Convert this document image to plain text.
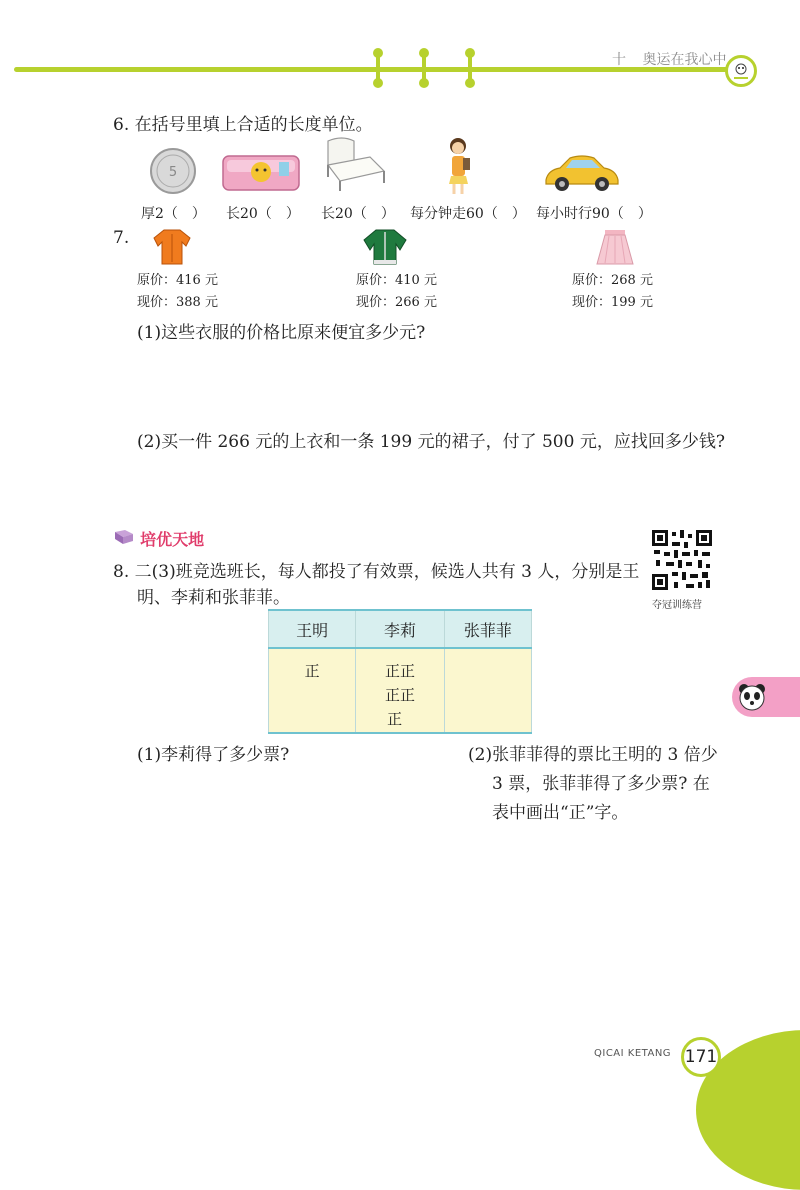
十 奥运在我心中
6. 在括号里填上合适的长度单位。
5
厚2（　） 长20（　） 长20（　） 每分钟走60（　） 每小时行90（　）
7.
原价：416 元
现价：388 元
原价：410 元
现价：266 元
原价：268 元
现价：199 元
(1)这些衣服的价格比原来便宜多少元?
(2)买一件 266 元的上衣和一条 199 元的裙子，付了 500 元，应找回多少钱?
培优天地
8. 二(3)班竞选班长，每人都投了有效票，候选人共有 3 人，分别是王
明、李莉和张菲菲。	夺冠训练营
王明	李莉	张菲菲

正	正正
正正
正	

(1)李莉得了多少票?	(2)张菲菲得的票比王明的 3 倍少
3 票，张菲菲得了多少票? 在
表中画出“正”字。
QICAI KETANG 171
